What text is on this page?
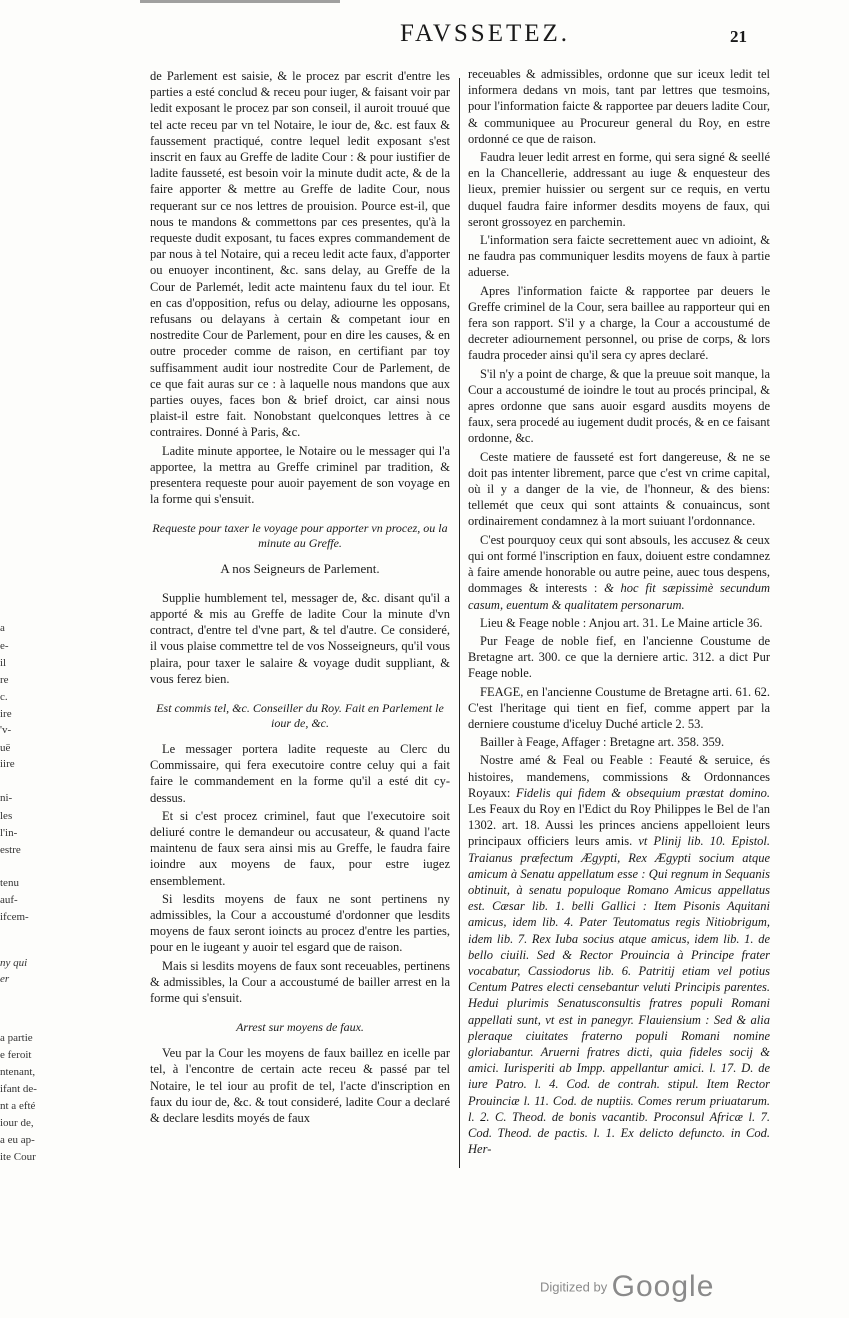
FAVSSETEZ.	21
a
e-
il
re
c.
ire
'v-
uë
iire
ni-
les
l'in-
estre
tenu
auf-
ifcem-
ny qui
er
a partie
e feroit
ntenant,
ifant de-
nt a efté
iour de,
a eu ap-
ite Cour

de Parlement est saisie, & le procez par escrit d'entre les parties a esté conclud & receu pour iuger, & faisant voir par ledit exposant le procez par son conseil, il auroit trouué que tel acte receu par vn tel Notaire, le iour de, &c. est faux & faussement practiqué, contre lequel ledit exposant s'est inscrit en faux au Greffe de ladite Cour : & pour iustifier de ladite fausseté, est besoin voir la minute dudit acte, & de la faire apporter & mettre au Greffe de ladite Cour, nous requerant sur ce nos lettres de prouision. Pource est-il, que nous te mandons & commettons par ces presentes, qu'à la requeste dudit exposant, tu faces expres commandement de par nous à tel Notaire, qui a receu ledit acte faux, d'apporter ou enuoyer incontinent, &c. sans delay, au Greffe de la Cour de Parlemét, ledit acte maintenu faux du tel iour. Et en cas d'opposition, refus ou delay, adiourne les opposans, refusans ou delayans à certain & competant iour en nostredite Cour de Parlement, pour en dire les causes, & en outre proceder comme de raison, en certifiant par toy suffisamment audit iour nostredite Cour de Parlement, de ce que fait auras sur ce : à laquelle nous mandons que aux parties ouyes, faces bon & brief droict, car ainsi nous plaist-il estre fait. Nonobstant quelconques lettres à ce contraires. Donné à Paris, &c.

Ladite minute apportee, le Notaire ou le messager qui l'a apportee, la mettra au Greffe criminel par tradition, & presentera requeste pour auoir payement de son voyage en la forme qui s'ensuit.

Requeste pour taxer le voyage pour apporter vn procez, ou la minute au Greffe.

A nos Seigneurs de Parlement.

Supplie humblement tel, messager de, &c. disant qu'il a apporté & mis au Greffe de ladite Cour la minute d'vn contract, d'entre tel d'vne part, & tel d'autre. Ce consideré, il vous plaise commettre tel de vos Nosseigneurs, qu'il vous plaira, pour taxer le salaire & voyage dudit suppliant, & vous ferez bien.

Est commis tel, &c. Conseiller du Roy. Fait en Parlement le iour de, &c.

Le messager portera ladite requeste au Clerc du Commissaire, qui fera executoire contre celuy qui a fait faire le commandement en la forme qu'il a esté dit cy-dessus.

Et si c'est procez criminel, faut que l'executoire soit deliuré contre le demandeur ou accusateur, & quand l'acte maintenu de faux sera ainsi mis au Greffe, le faudra faire ioindre aux moyens de faux, pour estre iugez ensemblement.

Si lesdits moyens de faux ne sont pertinens ny admissibles, la Cour a accoustumé d'ordonner que lesdits moyens de faux seront ioincts au procez d'entre les parties, pour en le iugeant y auoir tel esgard que de raison.

Mais si lesdits moyens de faux sont receuables, pertinens & admissibles, la Cour a accoustumé de bailler arrest en la forme qui s'ensuit.

Arrest sur moyens de faux.

Veu par la Cour les moyens de faux baillez en icelle par tel, à l'encontre de certain acte receu & passé par tel Notaire, le tel iour au profit de tel, l'acte d'inscription en faux du iour de, &c. & tout consideré, ladite Cour a declaré & declare lesdits moyés de faux

receuables & admissibles, ordonne que sur iceux ledit tel informera dedans vn mois, tant par lettres que tesmoins, pour l'information faicte & rapportee par deuers ladite Cour, & communiquee au Procureur general du Roy, en estre ordonné ce que de raison.

Faudra leuer ledit arrest en forme, qui sera signé & seellé en la Chancellerie, addressant au iuge & enquesteur des lieux, premier huissier ou sergent sur ce requis, en vertu duquel faudra faire informer desdits moyens de faux, qui seront grossoyez en parchemin.

L'information sera faicte secrettement auec vn adioint, & ne faudra pas communiquer lesdits moyens de faux à partie aduerse.

Apres l'information faicte & rapportee par deuers le Greffe criminel de la Cour, sera baillee au rapporteur qui en fera son rapport. S'il y a charge, la Cour a accoustumé de decreter adiournement personnel, ou prise de corps, & lors faudra proceder ainsi qu'il sera cy apres declaré.

S'il n'y a point de charge, & que la preuue soit manque, la Cour a accoustumé de ioindre le tout au procés principal, & apres ordonne que sans auoir esgard ausdits moyens de faux, sera procedé au iugement dudit procés, & en ce faisant ordonne, &c.

Ceste matiere de fausseté est fort dangereuse, & ne se doit pas intenter librement, parce que c'est vn crime capital, où il y a danger de la vie, de l'honneur, & des biens: tellemét que ceux qui sont attaints & conuaincus, sont ordinairement condamnez à la mort suiuant l'ordonnance.

C'est pourquoy ceux qui sont absouls, les accusez & ceux qui ont formé l'inscription en faux, doiuent estre condamnez à faire amende honorable ou autre peine, auec tous despens, dommages & interests : & hoc fit sæpissimè secundum casum, euentum & qualitatem personarum.

Lieu & Feage noble : Anjou art. 31. Le Maine article 36.

Pur Feage de noble fief, en l'ancienne Coustume de Bretagne art. 300. ce que la derniere artic. 312. a dict Pur Feage noble.

FEAGE, en l'ancienne Coustume de Bretagne arti. 61. 62. C'est l'heritage qui tient en fief, comme appert par la derniere coustume d'iceluy Duché article 2. 53.

Bailler à Feage, Affager : Bretagne art. 358. 359.

Nostre amé & Feal ou Feable : Feauté & seruice, és histoires, mandemens, commissions & Ordonnances Royaux: Fidelis qui fidem & obsequium præstat domino. Les Feaux du Roy en l'Edict du Roy Philippes le Bel de l'an 1302. art. 18. Aussi les princes anciens appelloient leurs principaux officiers leurs amis. vt Plinij lib. 10. Epistol. Traianus præfectum Ægypti, Rex Ægypti socium atque amicum à Senatu appellatum esse : Qui regnum in Sequanis obtinuit, à senatu populoque Romano Amicus appellatus est. Cæsar lib. 1. belli Gallici : Item Pisonis Aquitani amicus, idem lib. 4. Pater Teutomatus regis Nitiobrigum, idem lib. 7. Rex Iuba socius atque amicus, idem lib. 1. de bello ciuili. Sed & Rector Prouincia à Principe frater vocabatur, Cassiodorus lib. 6. Patritij etiam vel potius Centum Patres electi censebantur veluti Principis parentes. Hedui plurimis Senatusconsultis fratres populi Romani appellati sunt, vt est in panegyr. Flauiensium : Sed & alia pleraque ciuitates fraterno populi Romani nomine gloriabantur. Aruerni fratres dicti, quia fideles socij & amici. Iurisperiti ab Impp. appellantur amici. l. 17. D. de iure Patro. l. 4. Cod. de contrah. stipul. Item Rector Prouinciæ l. 11. Cod. de nuptiis. Comes rerum priuatarum. l. 2. C. Theod. de bonis vacantib. Proconsul Africæ l. 7. Cod. Theod. de pactis. l. 1. Ex delicto defuncto. in Cod. Her-

Digitized by Google
